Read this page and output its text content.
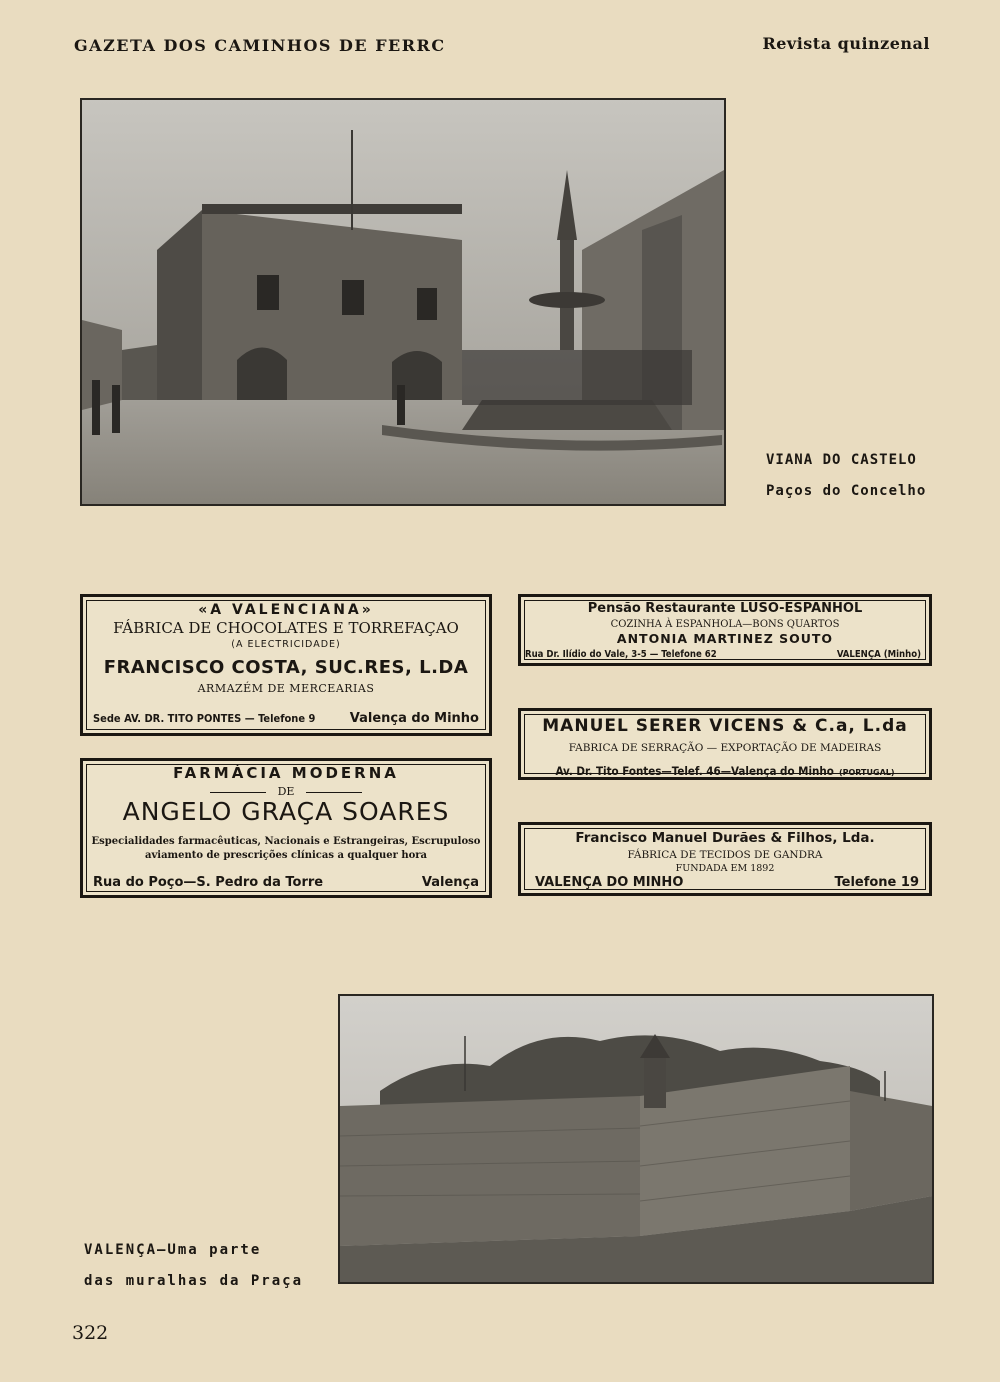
GAZETA DOS CAMINHOS DE FERRC	Revista quinzenal
VIANA DO CASTELO
Paços do Concelho
«A VALENCIANA»
FÁBRICA DE CHOCOLATES E TORREFAÇAO
(A ELECTRICIDADE)
FRANCISCO COSTA, SUC.RES, L.DA
ARMAZÉM DE MERCEARIAS
Sede AV. DR. TITO PONTES — Telefone 9	Valença do Minho
FARMÁCIA MODERNA
DE
ANGELO GRAÇA SOARES
Especialidades farmacêuticas, Nacionais e Estrangeiras, Escrupuloso
aviamento de prescrições clínicas a qualquer hora
Rua do Poço—S. Pedro da Torre	Valença
Pensão Restaurante LUSO-ESPANHOL
COZINHA À ESPANHOLA—BONS QUARTOS
ANTONIA MARTINEZ SOUTO
Rua Dr. Ilídio do Vale, 3-5 — Telefone 62	VALENÇA (Minho)
MANUEL SERER VICENS & C.a, L.da
FABRICA DE SERRAÇÃO — EXPORTAÇÃO DE MADEIRAS
Av. Dr. Tito Fontes—Telef. 46—Valença do Minho (PORTUGAL)
Francisco Manuel Durães & Filhos, Lda.
FÁBRICA DE TECIDOS DE GANDRA
FUNDADA EM 1892
VALENÇA DO MINHO	Telefone 19
VALENÇA—Uma parte
das muralhas da Praça
322
